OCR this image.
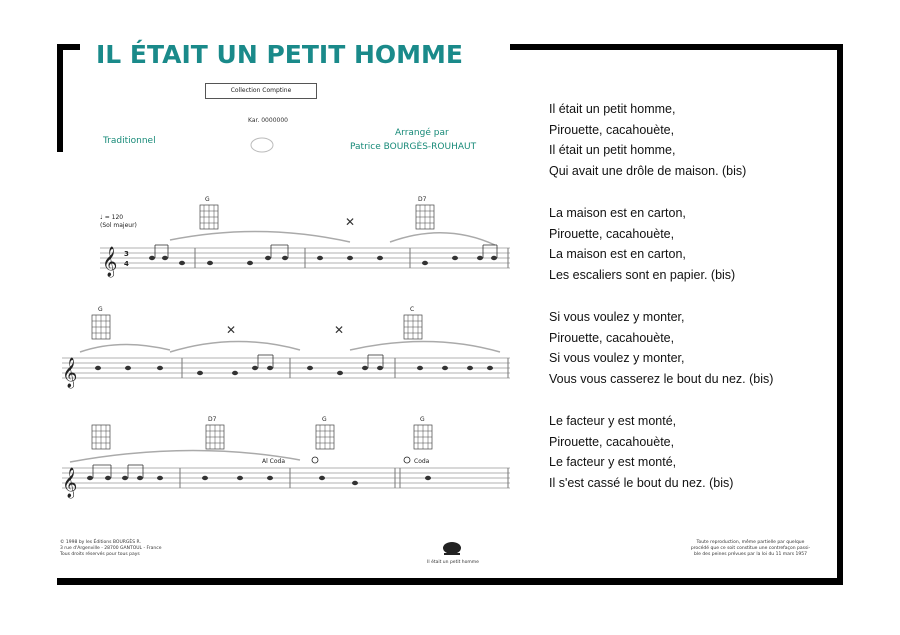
IL ÉTAIT UN PETIT HOMME
Collection Comptine
Kar. 0000000
Traditionnel
Arrangé par
Patrice BOURGÈS-ROUHAUT
♩ = 120
(Sol majeur)
𝄞 3
4
✕
G	D7
𝄞
✕	✕
G	C
𝄞
D7	G	G
Al Coda	Coda
Il était un petit homme,
Pirouette, cacahouète,
Il était un petit homme,
Qui avait une drôle de maison. (bis)
La maison est en carton,
Pirouette, cacahouète,
La maison est en carton,
Les escaliers sont en papier. (bis)
Si vous voulez y monter,
Pirouette, cacahouète,
Si vous voulez y monter,
Vous vous casserez le bout du nez. (bis)
Le facteur y est monté,
Pirouette, cacahouète,
Le facteur y est monté,
Il s'est cassé le bout du nez. (bis)
© 1998 by les Éditions BOURGÈS R.
3 rue d'Argenville - 28700 GANTOUL - France
Tous droits réservés pour tous pays
Il était un petit homme
Toute reproduction, même partielle par quelque
procédé que ce soit constitue une contrefaçon passi-
ble des peines prévues par la loi du 11 mars 1957
